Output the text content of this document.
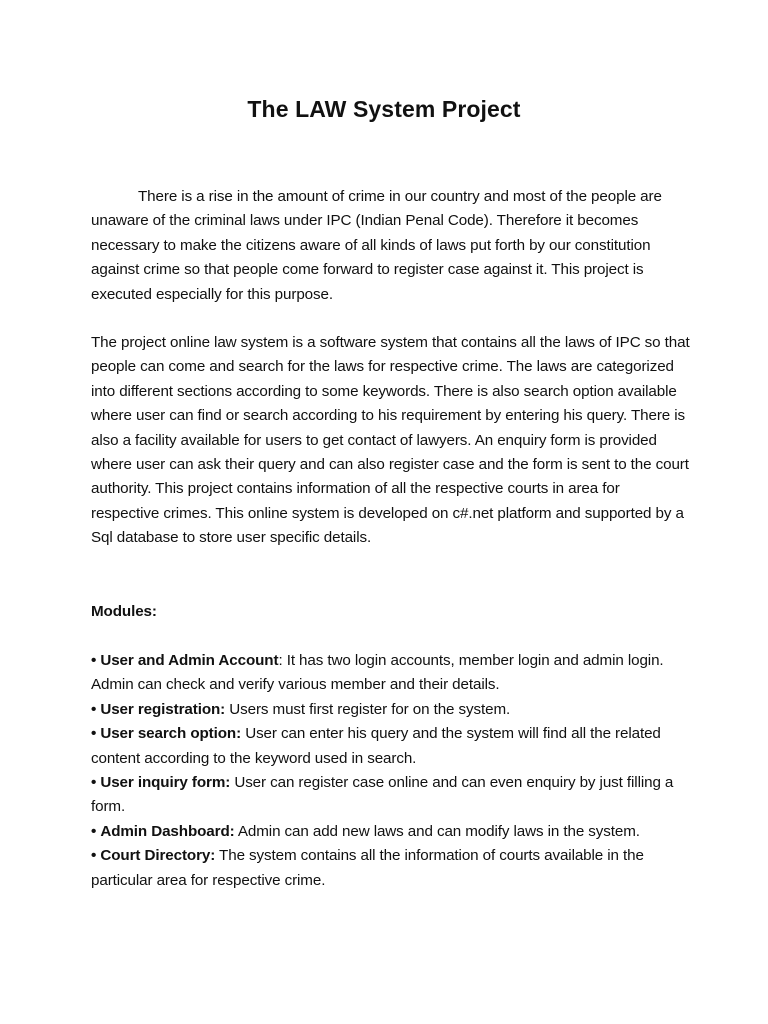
The LAW System Project

There is a rise in the amount of crime in our country and most of the people are unaware of the criminal laws under IPC (Indian Penal Code). Therefore it becomes necessary to make the citizens aware of all kinds of laws put forth by our constitution against crime so that people come forward to register case against it. This project is executed especially for this purpose.

The project online law system is a software system that contains all the laws of IPC so that people can come and search for the laws for respective crime. The laws are categorized into different sections according to some keywords. There is also search option available where user can find or search according to his requirement by entering his query. There is also a facility available for users to get contact of lawyers. An enquiry form is provided where user can ask their query and can also register case and the form is sent to the court authority. This project contains information of all the respective courts in area for respective crimes. This online system is developed on c#.net platform and supported by a Sql database to store user specific details.

Modules:
• User and Admin Account: It has two login accounts, member login and admin login. Admin can check and verify various member and their details.
• User registration: Users must first register for on the system.
• User search option: User can enter his query and the system will find all the related content according to the keyword used in search.
• User inquiry form: User can register case online and can even enquiry by just filling a form.
• Admin Dashboard: Admin can add new laws and can modify laws in the system.
• Court Directory: The system contains all the information of courts available in the particular area for respective crime.
